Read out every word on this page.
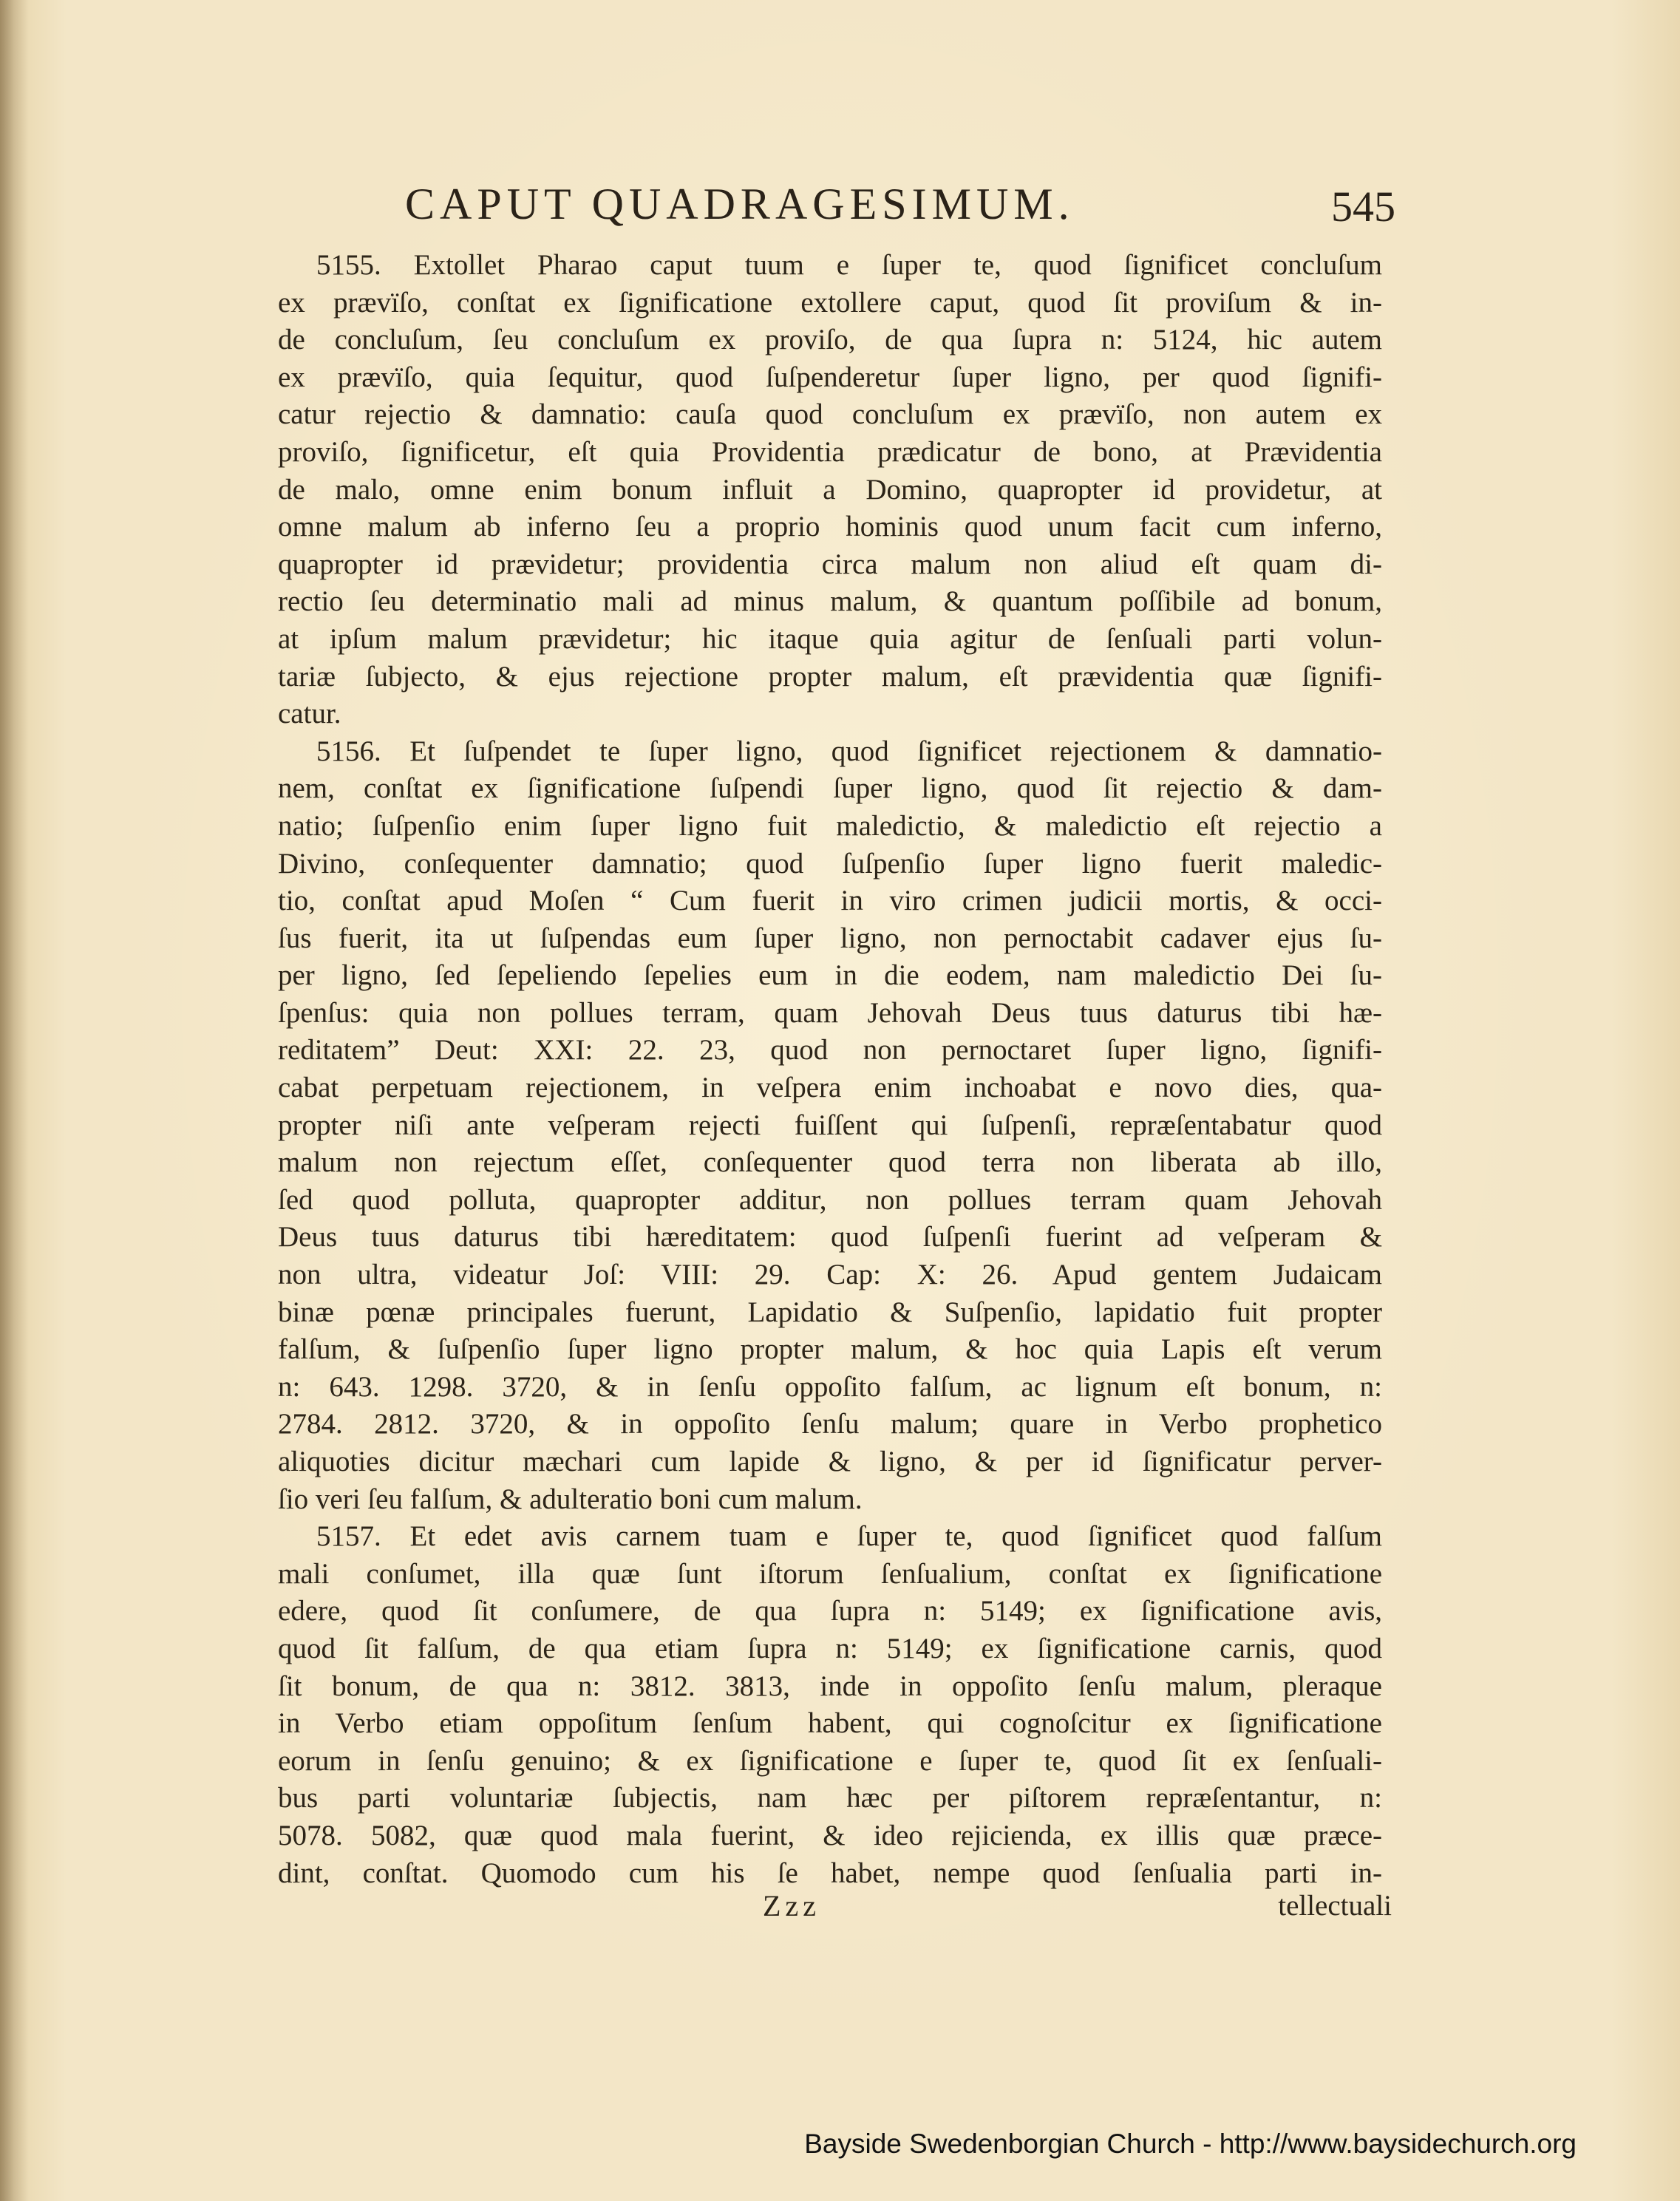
CAPUT QUADRAGESIMUM.	545
5155. Extollet Pharao caput tuum e ſuper te, quod ſignificet concluſum
ex prævïſo, conſtat ex ſignificatione extollere caput, quod ſit proviſum & in-
de concluſum, ſeu concluſum ex proviſo, de qua ſupra n: 5124, hic autem
ex prævïſo, quia ſequitur, quod ſuſpenderetur ſuper ligno, per quod ſignifi-
catur rejectio & damnatio: cauſa quod concluſum ex prævïſo, non autem ex
proviſo, ſignificetur, eſt quia Providentia prædicatur de bono, at Prævidentia
de malo, omne enim bonum influit a Domino, quapropter id providetur, at
omne malum ab inferno ſeu a proprio hominis quod unum facit cum inferno,
quapropter id prævidetur; providentia circa malum non aliud eſt quam di-
rectio ſeu determinatio mali ad minus malum, & quantum poſſibile ad bonum,
at ipſum malum prævidetur; hic itaque quia agitur de ſenſuali parti volun-
tariæ ſubjecto, & ejus rejectione propter malum, eſt prævidentia quæ ſignifi-
catur.
5156. Et ſuſpendet te ſuper ligno, quod ſignificet rejectionem & damnatio-
nem, conſtat ex ſignificatione ſuſpendi ſuper ligno, quod ſit rejectio & dam-
natio; ſuſpenſio enim ſuper ligno fuit maledictio, & maledictio eſt rejectio a
Divino, conſequenter damnatio; quod ſuſpenſio ſuper ligno fuerit maledic-
tio, conſtat apud Moſen “ Cum fuerit in viro crimen judicii mortis, & occi-
ſus fuerit, ita ut ſuſpendas eum ſuper ligno, non pernoctabit cadaver ejus ſu-
per ligno, ſed ſepeliendo ſepelies eum in die eodem, nam maledictio Dei ſu-
ſpenſus: quia non pollues terram, quam Jehovah Deus tuus daturus tibi hæ-
reditatem” Deut: XXI: 22. 23, quod non pernoctaret ſuper ligno, ſignifi-
cabat perpetuam rejectionem, in veſpera enim inchoabat e novo dies, qua-
propter niſi ante veſperam rejecti fuiſſent qui ſuſpenſi, repræſentabatur quod
malum non rejectum eſſet, conſequenter quod terra non liberata ab illo,
ſed quod polluta, quapropter additur, non pollues terram quam Jehovah
Deus tuus daturus tibi hæreditatem: quod ſuſpenſi fuerint ad veſperam &
non ultra, videatur Joſ: VIII: 29. Cap: X: 26. Apud gentem Judaicam
binæ pœnæ principales fuerunt, Lapidatio & Suſpenſio, lapidatio fuit propter
falſum, & ſuſpenſio ſuper ligno propter malum, & hoc quia Lapis eſt verum
n: 643. 1298. 3720, & in ſenſu oppoſito falſum, ac lignum eſt bonum, n:
2784. 2812. 3720, & in oppoſito ſenſu malum; quare in Verbo prophetico
aliquoties dicitur mæchari cum lapide & ligno, & per id ſignificatur perver-
ſio veri ſeu falſum, & adulteratio boni cum malum.
5157. Et edet avis carnem tuam e ſuper te, quod ſignificet quod falſum
mali conſumet, illa quæ ſunt iſtorum ſenſualium, conſtat ex ſignificatione
edere, quod ſit conſumere, de qua ſupra n: 5149; ex ſignificatione avis,
quod ſit falſum, de qua etiam ſupra n: 5149; ex ſignificatione carnis, quod
ſit bonum, de qua n: 3812. 3813, inde in oppoſito ſenſu malum, pleraque
in Verbo etiam oppoſitum ſenſum habent, qui cognoſcitur ex ſignificatione
eorum in ſenſu genuino; & ex ſignificatione e ſuper te, quod ſit ex ſenſuali-
bus parti voluntariæ ſubjectis, nam hæc per piſtorem repræſentantur, n:
5078. 5082, quæ quod mala fuerint, & ideo rejicienda, ex illis quæ præce-
dint, conſtat. Quomodo cum his ſe habet, nempe quod ſenſualia parti in-
Zzz	tellectuali
Bayside Swedenborgian Church - http://www.baysidechurch.org
